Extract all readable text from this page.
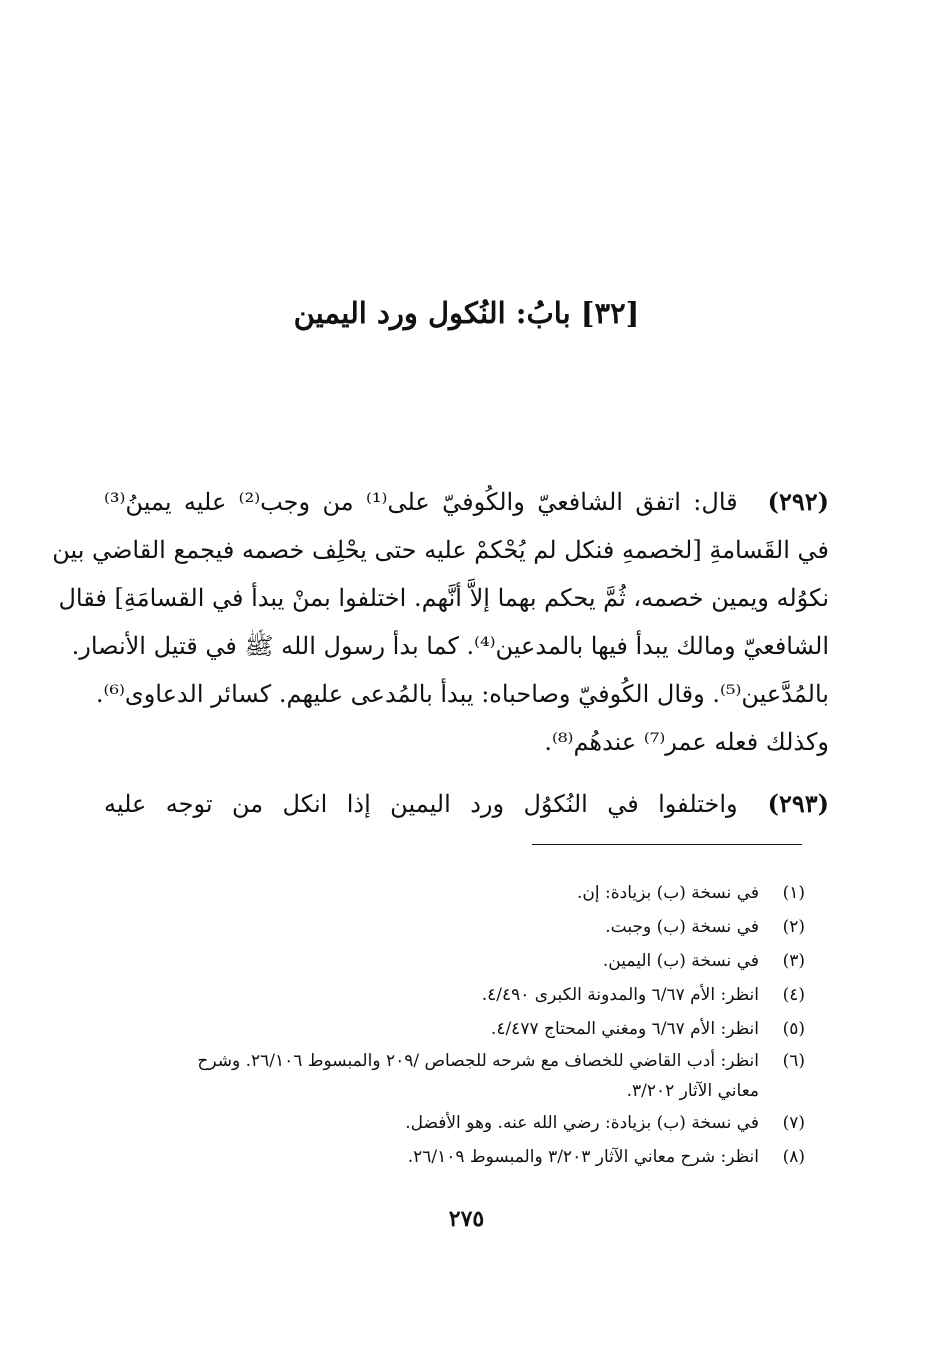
[٣٢] بابُ: النُكول ورد اليمين
(٢٩٢)قال: اتفق الشافعيّ والكُوفيّ على⁽¹⁾ من وجب⁽²⁾ عليه يمينُ⁽³⁾
في القَسامةِ [لخصمهِ فنكل لم يُحْكمْ عليه حتى يحْلِف خصمه فيجمع القاضي بين
نكوُله ويمين خصمه، ثُمَّ يحكم بهما إلاَّ أنَّهم. اختلفوا بمنْ يبدأ في القسامَةِ] فقال
الشافعيّ ومالك يبدأ فيها بالمدعين⁽⁴⁾. كما بدأ رسول الله ﷺ في قتيل الأنصار.
بالمُدَّعين⁽⁵⁾. وقال الكُوفيّ وصاحباه: يبدأ بالمُدعى عليهم. كسائر الدعاوى⁽⁶⁾.
وكذلك فعله عمر⁽⁷⁾ عندهُم⁽⁸⁾.
(٢٩٣)واختلفوا في النُكوُل ورد اليمين إذا انكل من توجه عليه
(١)
في نسخة (ب) بزيادة: إن.
(٢)
في نسخة (ب) وجبت.
(٣)
في نسخة (ب) اليمين.
(٤)
انظر: الأم ٦/٦٧ والمدونة الكبرى ٤/٤٩٠.
(٥)
انظر: الأم ٦/٦٧ ومغني المحتاج ٤/٤٧٧.
(٦)
انظر: أدب القاضي للخصاف مع شرحه للجصاص /٢٠٩ والمبسوط ٢٦/١٠٦. وشرح
معاني الآثار ٣/٢٠٢.
(٧)
في نسخة (ب) بزيادة: رضي الله عنه. وهو الأفضل.
(٨)
انظر: شرح معاني الآثار ٣/٢٠٣ والمبسوط ٢٦/١٠٩.
٢٧٥
